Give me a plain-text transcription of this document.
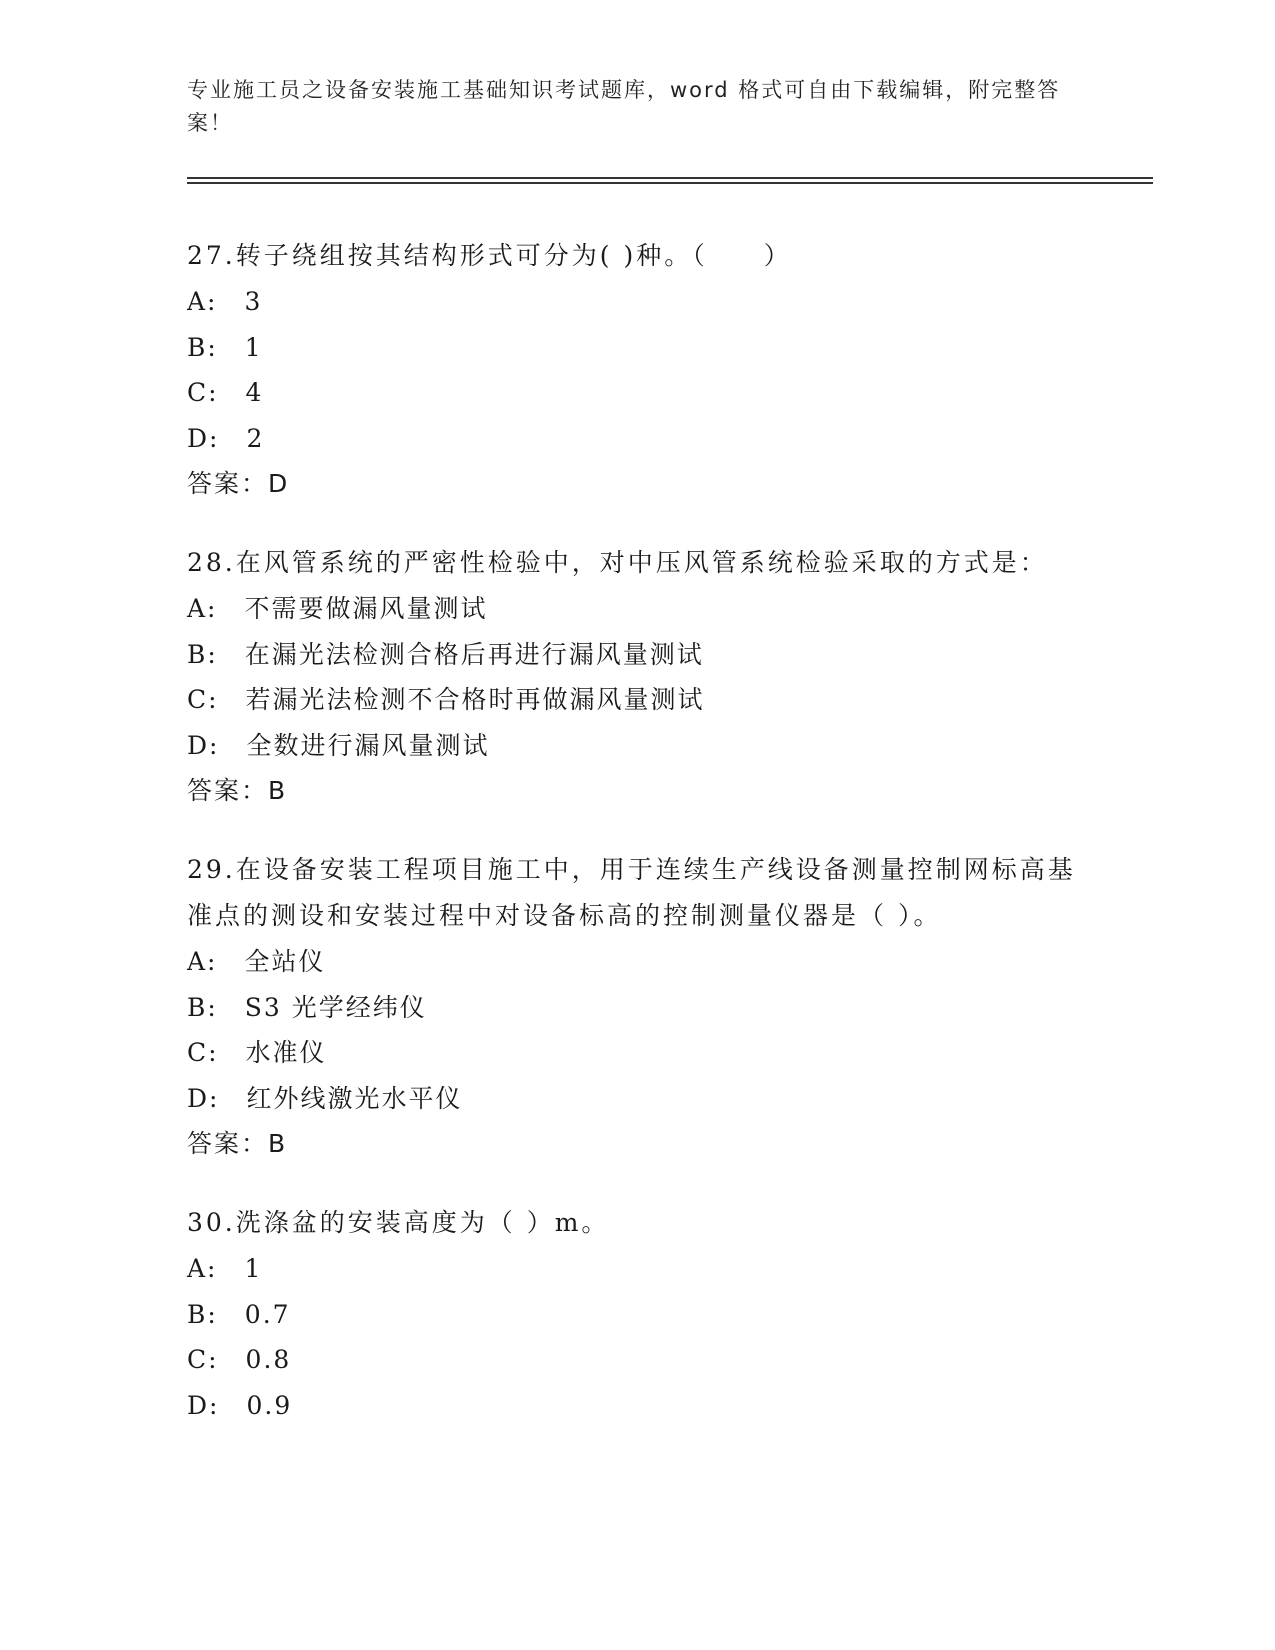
专业施工员之设备安装施工基础知识考试题库，word 格式可自由下载编辑，附完整答案！
27.转子绕组按其结构形式可分为( )种。（　　）
A:　3
B:　1
C:　4
D:　2
答案：D
28.在风管系统的严密性检验中，对中压风管系统检验采取的方式是：
A:　不需要做漏风量测试
B:　在漏光法检测合格后再进行漏风量测试
C:　若漏光法检测不合格时再做漏风量测试
D:　全数进行漏风量测试
答案：B
29.在设备安装工程项目施工中，用于连续生产线设备测量控制网标高基准点的测设和安装过程中对设备标高的控制测量仪器是（ ）。
A:　全站仪
B:　S3 光学经纬仪
C:　水准仪
D:　红外线激光水平仪
答案：B
30.洗涤盆的安装高度为（ ）m。
A:　1
B:　0.7
C:　0.8
D:　0.9
